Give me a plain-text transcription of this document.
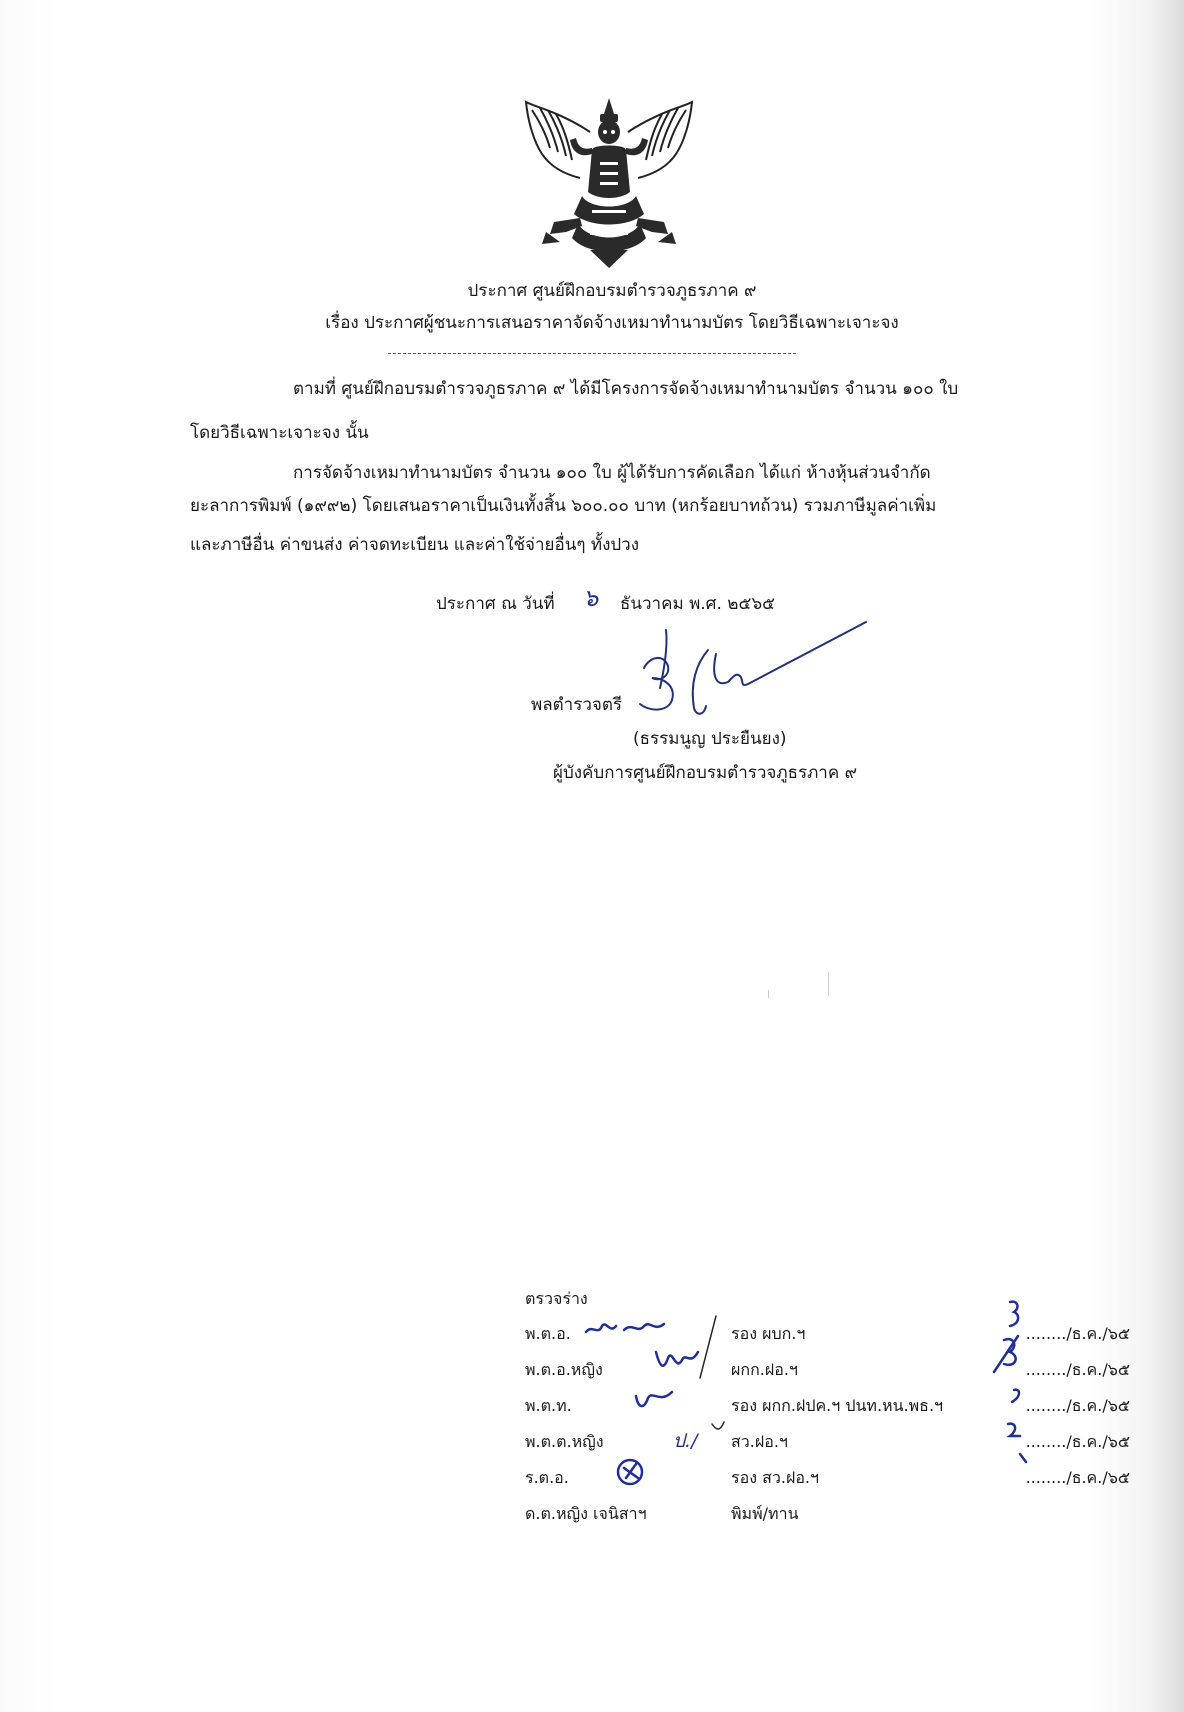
ประกาศ ศูนย์ฝึกอบรมตำรวจภูธรภาค ๙
เรื่อง ประกาศผู้ชนะการเสนอราคาจัดจ้างเหมาทำนามบัตร โดยวิธีเฉพาะเจาะจง
ตามที่ ศูนย์ฝึกอบรมตำรวจภูธรภาค ๙ ได้มีโครงการจัดจ้างเหมาทำนามบัตร จำนวน ๑๐๐ ใบ
โดยวิธีเฉพาะเจาะจง นั้น
การจัดจ้างเหมาทำนามบัตร จำนวน ๑๐๐ ใบ ผู้ได้รับการคัดเลือก ได้แก่ ห้างหุ้นส่วนจำกัด
ยะลาการพิมพ์ (๑๙๙๒) โดยเสนอราคาเป็นเงินทั้งสิ้น ๖๐๐.๐๐ บาท (หกร้อยบาทถ้วน) รวมภาษีมูลค่าเพิ่ม
และภาษีอื่น ค่าขนส่ง ค่าจดทะเบียน และค่าใช้จ่ายอื่นๆ ทั้งปวง
ประกาศ ณ วันที่ ๖ ธันวาคม พ.ศ. ๒๕๖๕
พลตำรวจตรี
(ธรรมนูญ ประยืนยง)
ผู้บังคับการศูนย์ฝึกอบรมตำรวจภูธรภาค ๙
ตรวจร่าง
พ.ต.อ.	รอง ผบก.ฯ	......../ธ.ค./๖๕
พ.ต.อ.หญิง	ผกก.ฝอ.ฯ	......../ธ.ค./๖๕
พ.ต.ท.	รอง ผกก.ฝปค.ฯ ปนท.หน.พธ.ฯ	......../ธ.ค./๖๕
พ.ต.ต.หญิง	ป./ สว.ฝอ.ฯ	......../ธ.ค./๖๕
ร.ต.อ.	รอง สว.ฝอ.ฯ	......../ธ.ค./๖๕
ด.ต.หญิง เจนิสาฯ	พิมพ์/ทาน
